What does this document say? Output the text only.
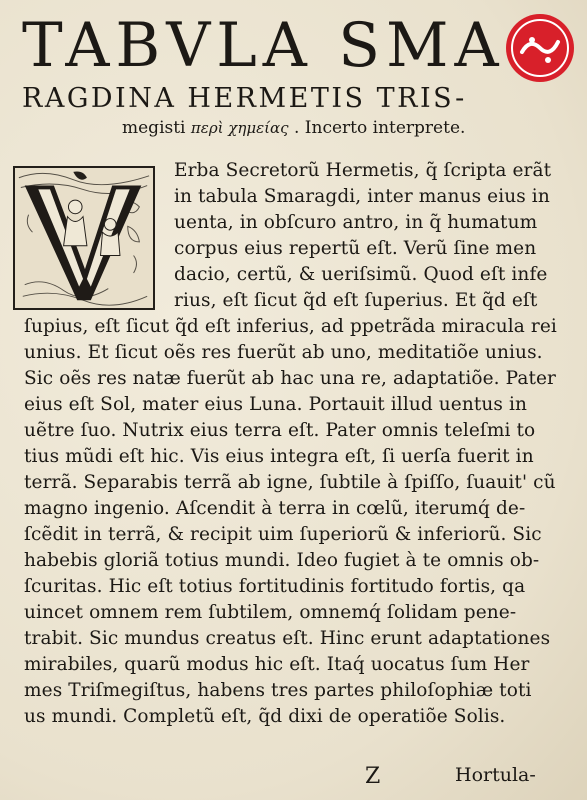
TABVLA SMA
RAGDINA HERMETIS TRIS-
megisti περὶ χημείας . Incerto interprete.
Erba Secretorũ Hermetis, q̃ ſcripta erãt
in tabula Smaragdi, inter manus eius in
uenta, in obſcuro antro, in q̃ humatum
corpus eius repertũ eſt. Verũ ſine men
dacio, certũ, & ueriſsimũ. Quod eſt infe
rius, eſt ſicut q̃d eſt ſuperius. Et q̃d eſt
ſupius, eſt ſicut q̃d eſt inferius, ad ppetrãda miracula rei
unius. Et ſicut oẽs res fuerũt ab uno, meditatiõe unius.
Sic oẽs res natæ fuerũt ab hac una re, adaptatiõe. Pater
eius eſt Sol, mater eius Luna. Portauit illud uentus in
uẽtre ſuo. Nutrix eius terra eſt. Pater omnis teleſmi to
tius mũdi eſt hic. Vis eius integra eſt, ſi uerſa fuerit in
terrã. Separabis terrã ab igne, ſubtile à ſpiſſo, ſuauit' cũ
magno ingenio. Aſcendit à terra in cœlũ, iterumq́ de-
ſcẽdit in terrã, & recipit uim ſuperiorũ & inferiorũ. Sic
habebis gloriã totius mundi. Ideo fugiet à te omnis ob-
ſcuritas. Hic eſt totius fortitudinis fortitudo fortis, qa
uincet omnem rem ſubtilem, omnemq́ ſolidam pene-
trabit. Sic mundus creatus eſt. Hinc erunt adaptationes
mirabiles, quarũ modus hic eſt. Itaq́ uocatus ſum Her
mes Triſmegiſtus, habens tres partes philoſophiæ toti
us mundi. Completũ eſt, q̃d dixi de operatiõe Solis.
Z	Hortula-
